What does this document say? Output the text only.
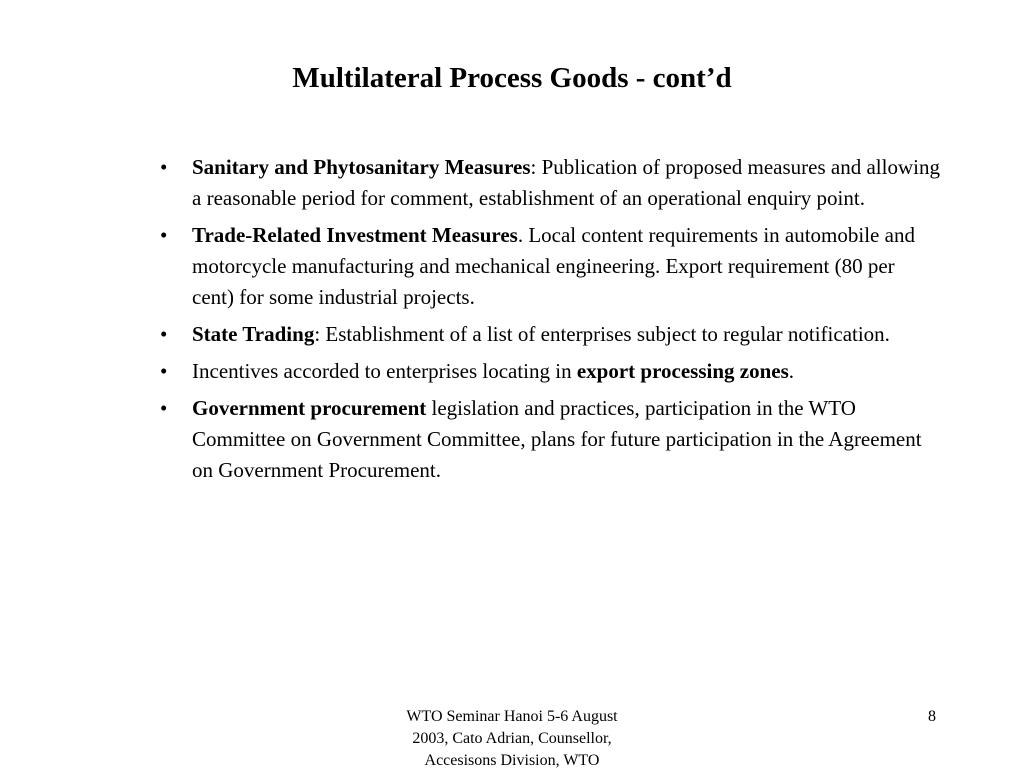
Multilateral Process Goods - cont’d
• Sanitary and Phytosanitary Measures: Publication of proposed measures and allowing a reasonable period for comment, establishment of an operational enquiry point.
• Trade-Related Investment Measures. Local content requirements in automobile and motorcycle manufacturing and mechanical engineering. Export requirement (80 per cent) for some industrial projects.
• State Trading: Establishment of a list of enterprises subject to regular notification.
• Incentives accorded to enterprises locating in export processing zones.
• Government procurement legislation and practices, participation in the WTO Committee on Government Committee, plans for future participation in the Agreement on Government Procurement.
WTO Seminar Hanoi 5-6 August
2003, Cato Adrian, Counsellor,
Accesisons Division, WTO
8
